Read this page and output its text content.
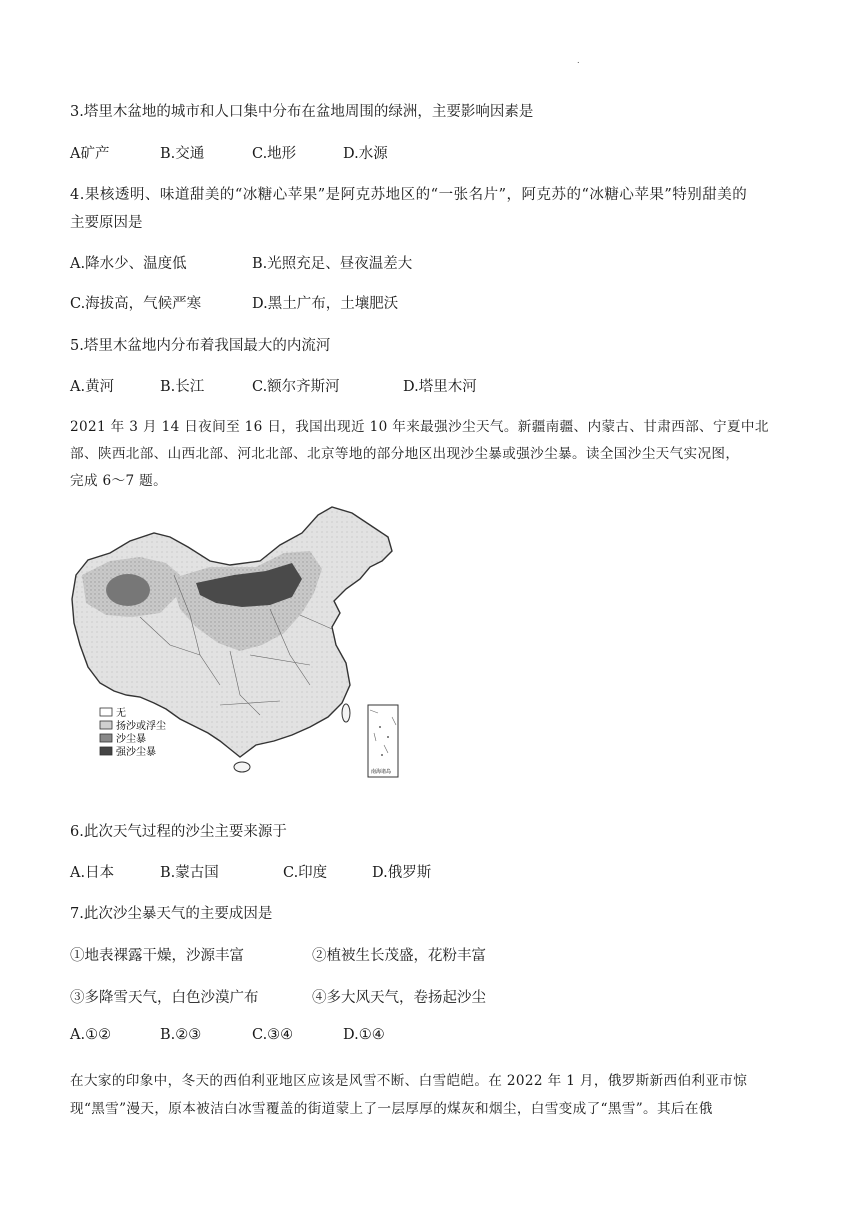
.
3.塔里木盆地的城市和人口集中分布在盆地周围的绿洲，主要影响因素是
A矿产	B.交通	C.地形	D.水源
4.果核透明、味道甜美的“冰糖心苹果”是阿克苏地区的“一张名片”，阿克苏的“冰糖心苹果”特别甜美的
主要原因是
A.降水少、温度低	B.光照充足、昼夜温差大
C.海拔高，气候严寒	D.黑土广布，土壤肥沃
5.塔里木盆地内分布着我国最大的内流河
A.黄河	B.长江	C.额尔齐斯河	D.塔里木河
2021 年 3 月 14 日夜间至 16 日，我国出现近 10 年来最强沙尘天气。新疆南疆、内蒙古、甘肃西部、宁夏中北
部、陕西北部、山西北部、河北北部、北京等地的部分地区出现沙尘暴或强沙尘暴。读全国沙尘天气实况图，
完成 6～7 题。
无
扬沙或浮尘
沙尘暴
强沙尘暴
南海诸岛
6.此次天气过程的沙尘主要来源于
A.日本	B.蒙古国	C.印度	D.俄罗斯
7.此次沙尘暴天气的主要成因是
①地表裸露干燥，沙源丰富	②植被生长茂盛，花粉丰富
③多降雪天气，白色沙漠广布	④多大风天气，卷扬起沙尘
A.①②	B.②③	C.③④	D.①④
在大家的印象中，冬天的西伯利亚地区应该是风雪不断、白雪皑皑。在 2022 年 1 月，俄罗斯新西伯利亚市惊
现“黑雪”漫天，原本被洁白冰雪覆盖的街道蒙上了一层厚厚的煤灰和烟尘，白雪变成了“黑雪”。其后在俄
